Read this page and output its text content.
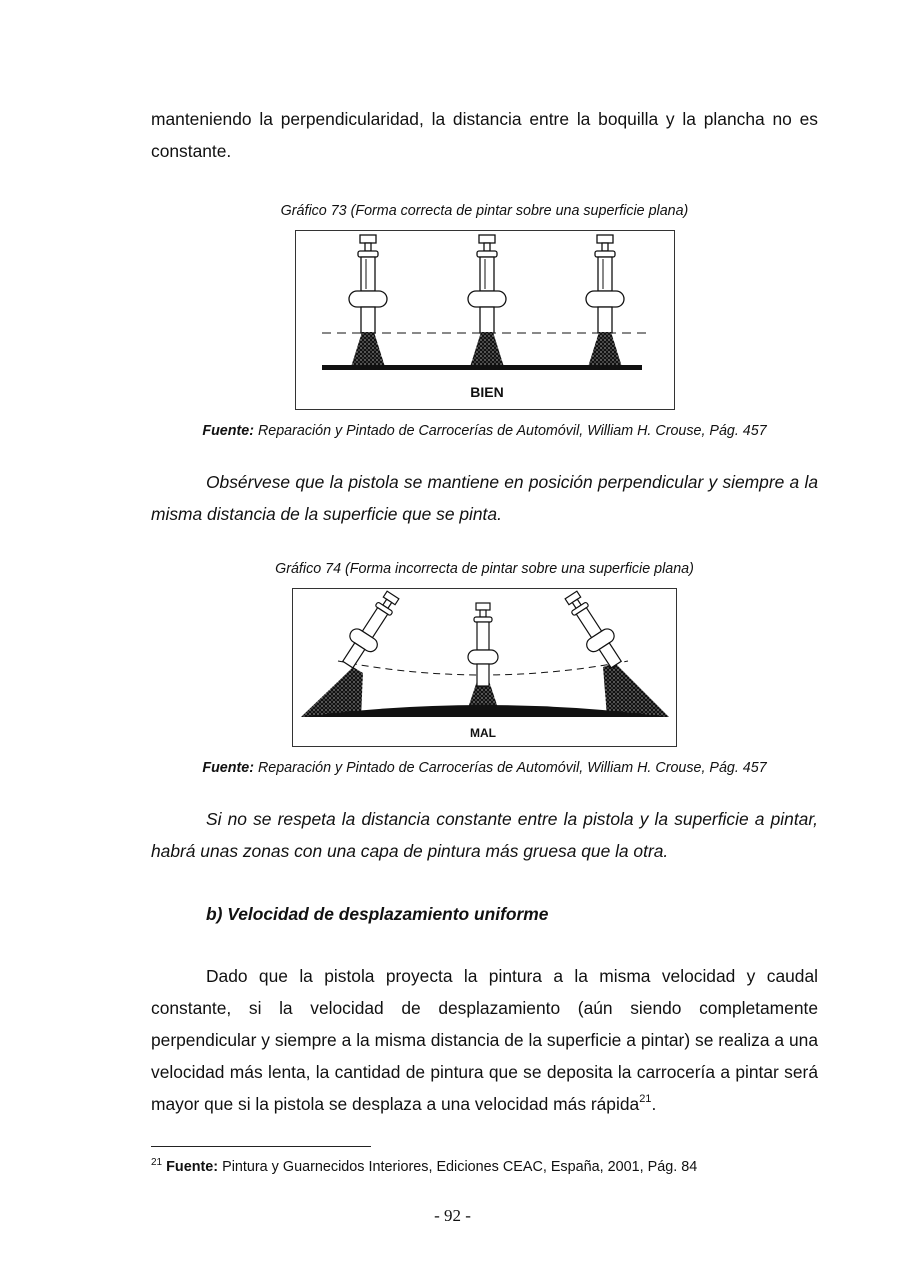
manteniendo la perpendicularidad, la distancia entre la boquilla y la plancha no es constante.
Gráfico 73 (Forma correcta de pintar sobre una superficie plana)
BIEN
Fuente: Reparación y Pintado de Carrocerías de Automóvil, William H. Crouse, Pág. 457
Obsérvese que la pistola se mantiene en posición perpendicular y siempre a la misma distancia de la superficie que se pinta.
Gráfico 74 (Forma incorrecta de pintar sobre una superficie plana)
MAL
Fuente: Reparación y Pintado de Carrocerías de Automóvil, William H. Crouse, Pág. 457
Si no se respeta la distancia constante entre la pistola y la superficie a pintar, habrá unas zonas con una capa de pintura más gruesa que la otra.
b) Velocidad de desplazamiento uniforme
Dado que la pistola proyecta la pintura a la misma velocidad y caudal constante, si la velocidad de desplazamiento (aún siendo completamente perpendicular y siempre a la misma distancia de la superficie a pintar) se realiza a una velocidad más lenta, la cantidad de pintura que se deposita la carrocería a pintar será mayor que si la pistola se desplaza a una velocidad más rápida$^{21}$.
$^{21}$ Fuente: Pintura y Guarnecidos Interiores, Ediciones CEAC, España, 2001, Pág. 84
- 92 -
